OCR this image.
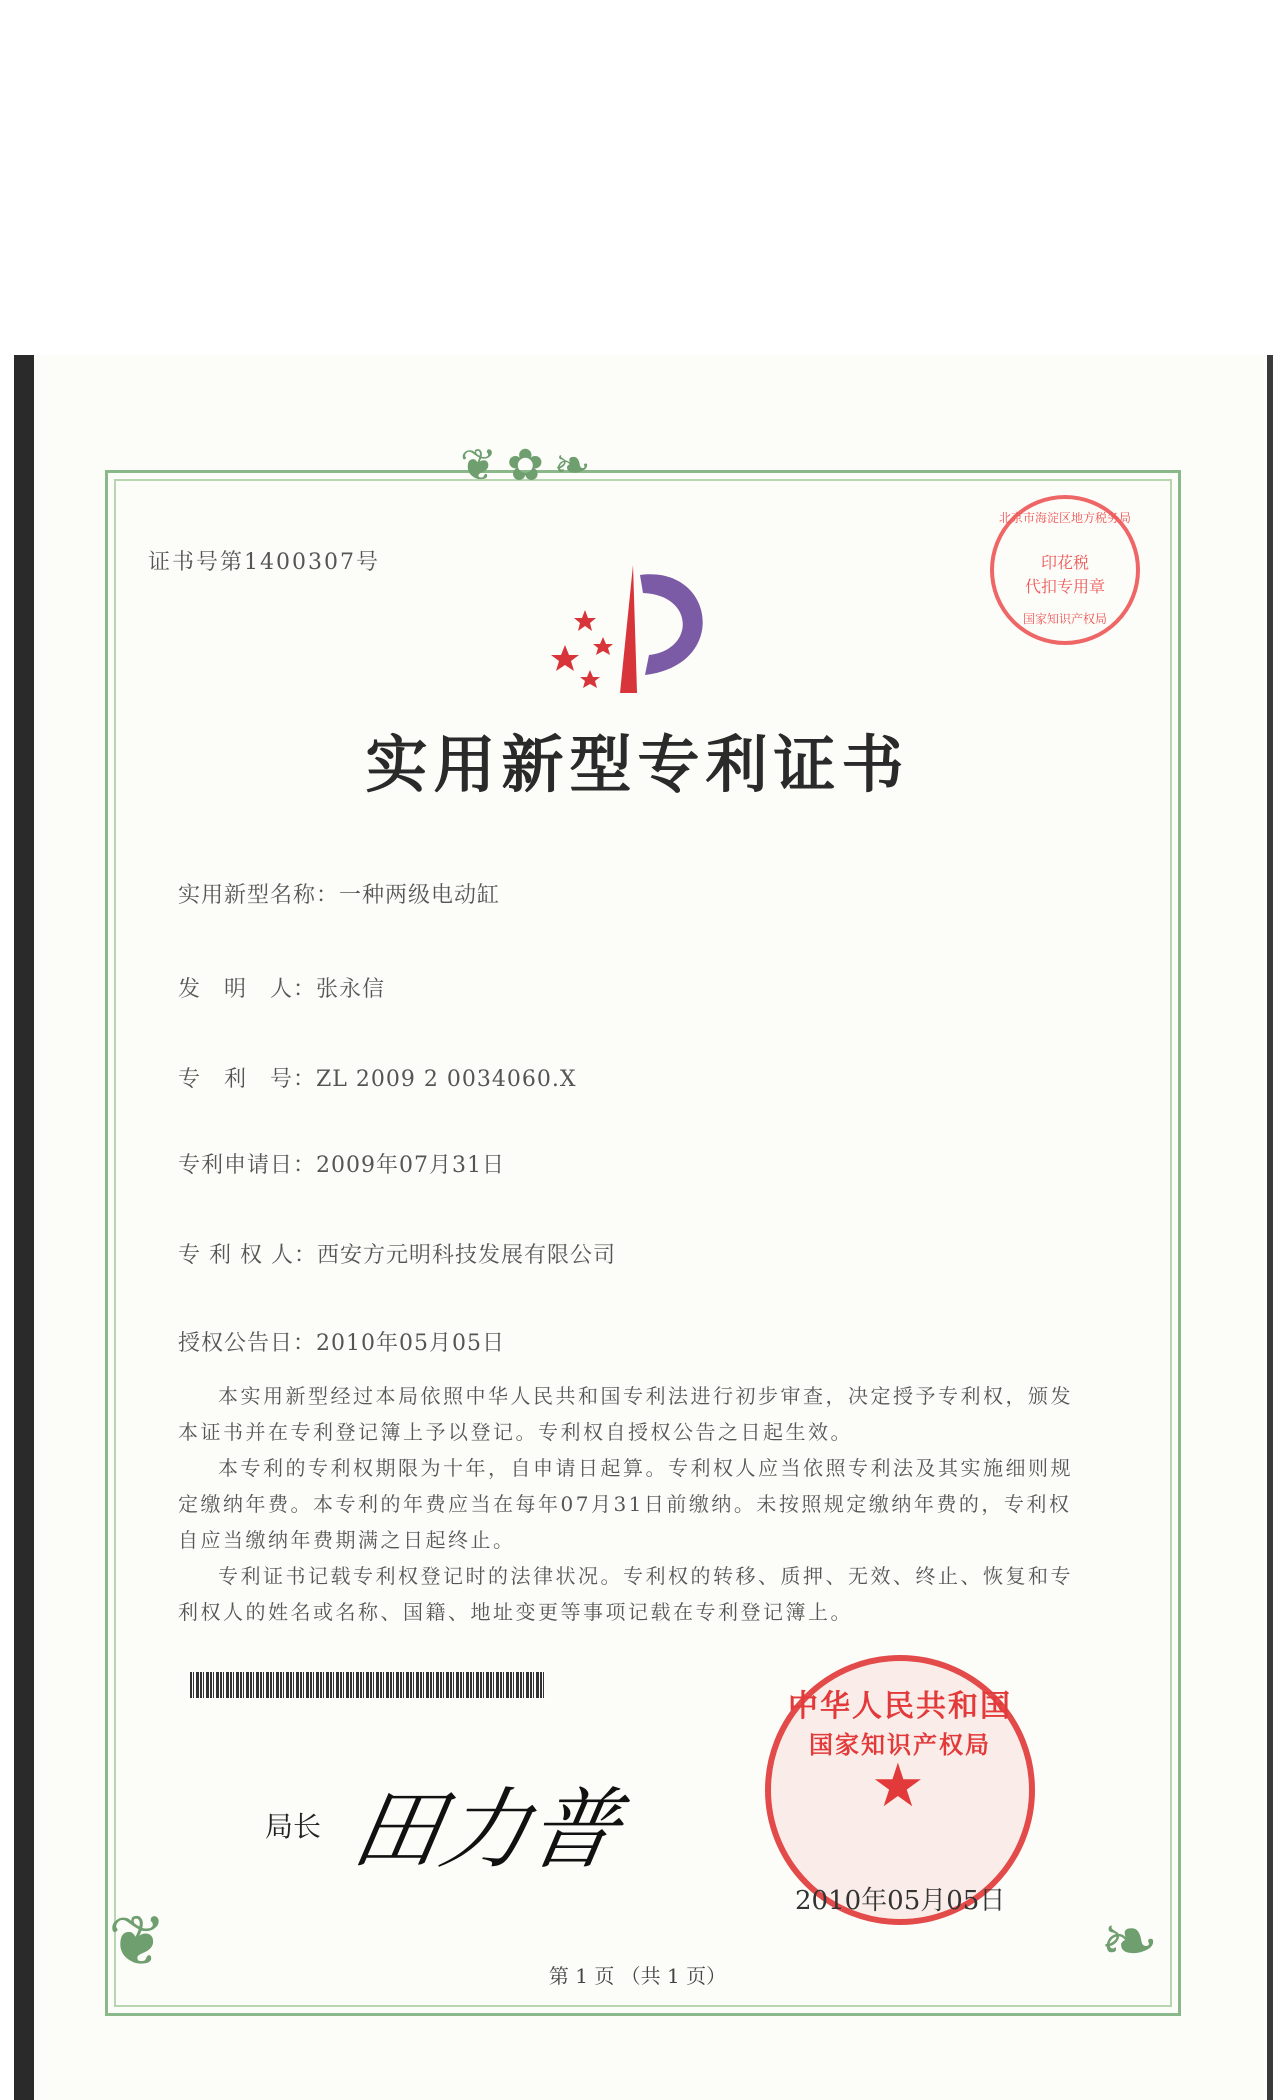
❦✿❧
❦	❧
证书号第1400307号
北京市海淀区地方税务局
印花税
代扣专用章
国家知识产权局
实用新型专利证书
实用新型名称：一种两级电动缸
发　明　人：张永信
专　利　号：ZL 2009 2 0034060.X
专利申请日：2009年07月31日
专 利 权 人：西安方元明科技发展有限公司
授权公告日：2010年05月05日

本实用新型经过本局依照中华人民共和国专利法进行初步审查，决定授予专利权，颁发本证书并在专利登记簿上予以登记。专利权自授权公告之日起生效。

本专利的专利权期限为十年，自申请日起算。专利权人应当依照专利法及其实施细则规定缴纳年费。本专利的年费应当在每年07月31日前缴纳。未按照规定缴纳年费的，专利权自应当缴纳年费期满之日起终止。

专利证书记载专利权登记时的法律状况。专利权的转移、质押、无效、终止、恢复和专利权人的姓名或名称、国籍、地址变更等事项记载在专利登记簿上。

局长 田力普
中华人民共和国
国家知识产权局
★
2010年05月05日
第 1 页 （共 1 页）
